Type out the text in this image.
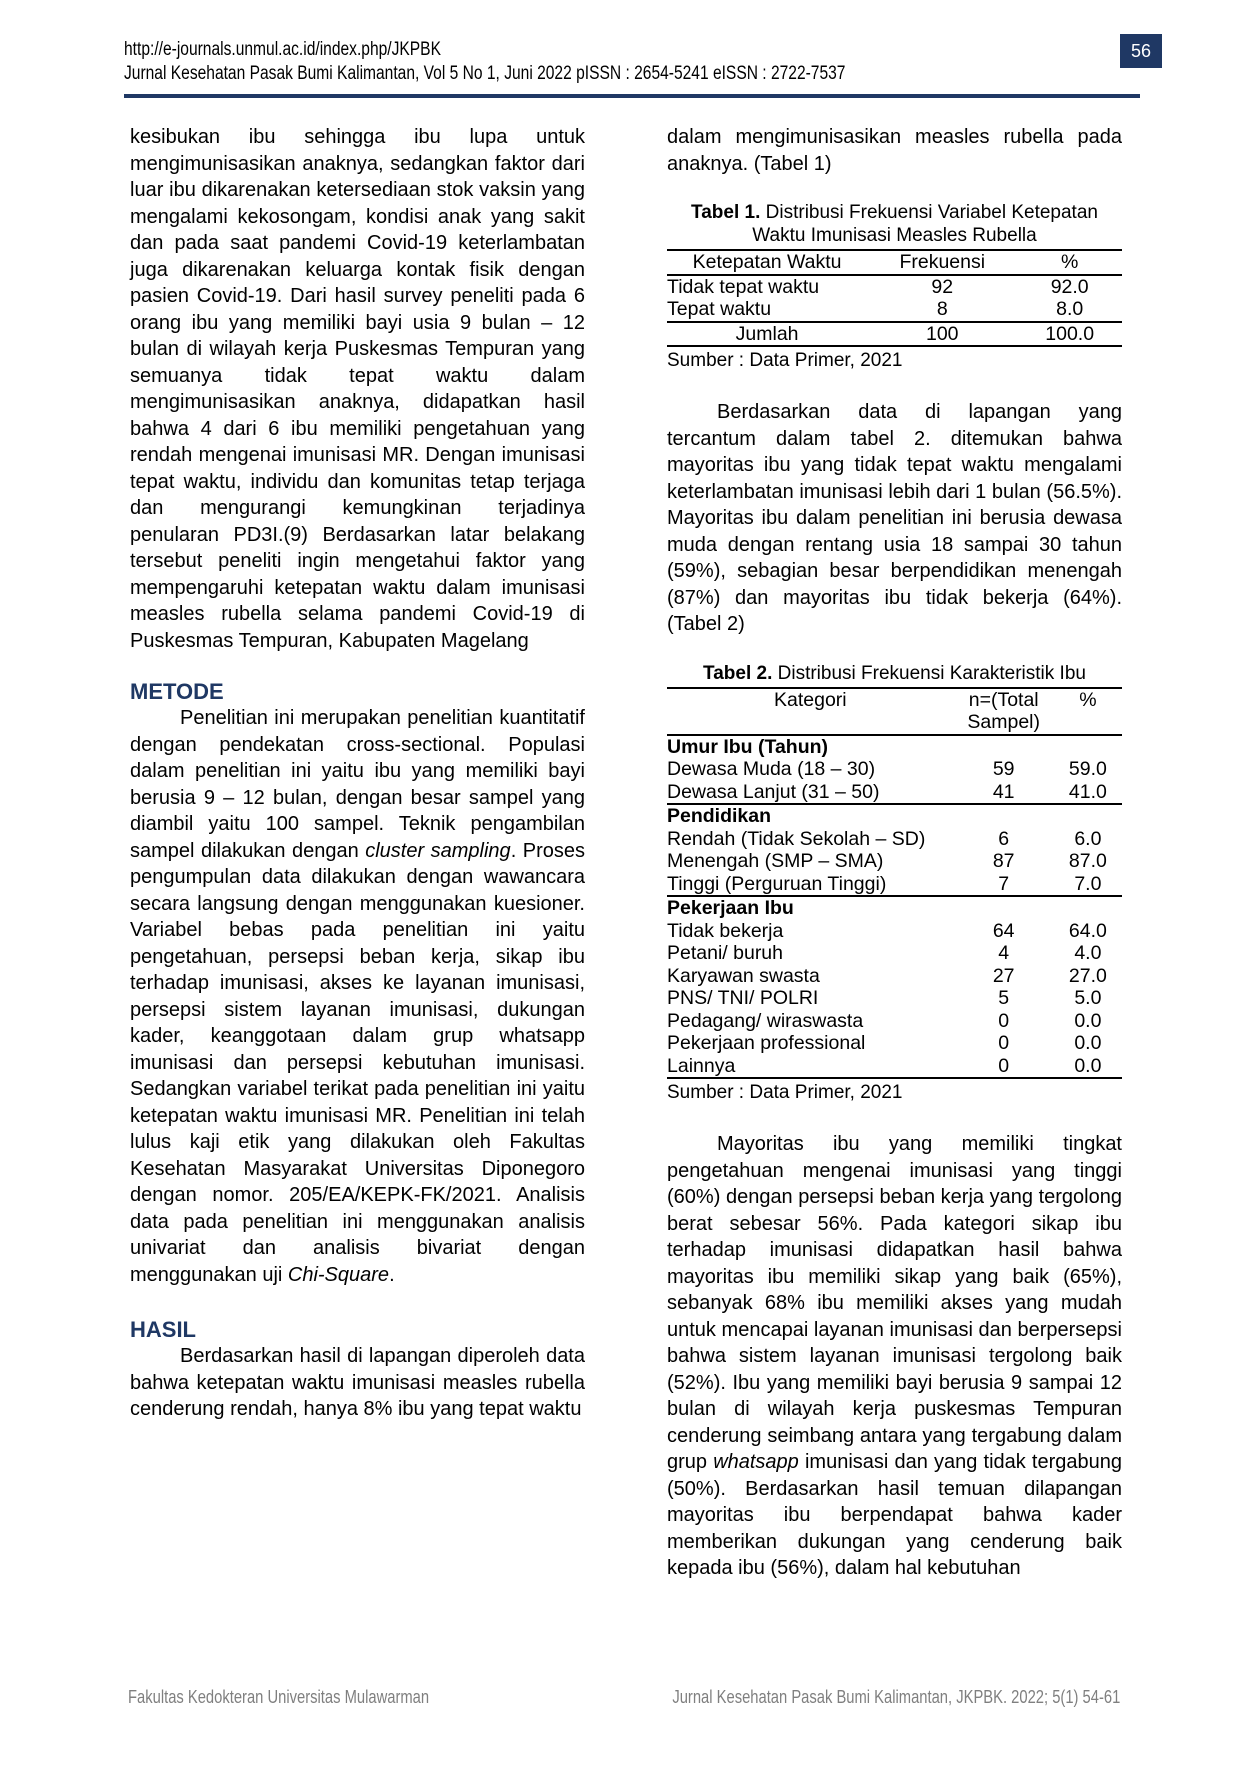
http://e-journals.unmul.ac.id/index.php/JKPBK
Jurnal Kesehatan Pasak Bumi Kalimantan, Vol 5 No 1, Juni 2022 pISSN : 2654-5241 eISSN : 2722-7537
56

kesibukan ibu sehingga ibu lupa untuk mengimunisasikan anaknya, sedangkan faktor dari luar ibu dikarenakan ketersediaan stok vaksin yang mengalami kekosongam, kondisi anak yang sakit dan pada saat pandemi Covid-19 keterlambatan juga dikarenakan keluarga kontak fisik dengan pasien Covid-19. Dari hasil survey peneliti pada 6 orang ibu yang memiliki bayi usia 9 bulan – 12 bulan di wilayah kerja Puskesmas Tempuran yang semuanya tidak tepat waktu dalam mengimunisasikan anaknya, didapatkan hasil bahwa 4 dari 6 ibu memiliki pengetahuan yang rendah mengenai imunisasi MR. Dengan imunisasi tepat waktu, individu dan komunitas tetap terjaga dan mengurangi kemungkinan terjadinya penularan PD3I.(9) Berdasarkan latar belakang tersebut peneliti ingin mengetahui faktor yang mempengaruhi ketepatan waktu dalam imunisasi measles rubella selama pandemi Covid-19 di Puskesmas Tempuran, Kabupaten Magelang

METODE

Penelitian ini merupakan penelitian kuantitatif dengan pendekatan cross-sectional. Populasi dalam penelitian ini yaitu ibu yang memiliki bayi berusia 9 – 12 bulan, dengan besar sampel yang diambil yaitu 100 sampel. Teknik pengambilan sampel dilakukan dengan cluster sampling. Proses pengumpulan data dilakukan dengan wawancara secara langsung dengan menggunakan kuesioner. Variabel bebas pada penelitian ini yaitu pengetahuan, persepsi beban kerja, sikap ibu terhadap imunisasi, akses ke layanan imunisasi, persepsi sistem layanan imunisasi, dukungan kader, keanggotaan dalam grup whatsapp imunisasi dan persepsi kebutuhan imunisasi. Sedangkan variabel terikat pada penelitian ini yaitu ketepatan waktu imunisasi MR. Penelitian ini telah lulus kaji etik yang dilakukan oleh Fakultas Kesehatan Masyarakat Universitas Diponegoro dengan nomor. 205/EA/KEPK-FK/2021. Analisis data pada penelitian ini menggunakan analisis univariat dan analisis bivariat dengan menggunakan uji Chi-Square.

HASIL

Berdasarkan hasil di lapangan diperoleh data bahwa ketepatan waktu imunisasi measles rubella cenderung rendah, hanya 8% ibu yang tepat waktu

dalam mengimunisasikan measles rubella pada anaknya. (Tabel 1)

Tabel 1. Distribusi Frekuensi Variabel Ketepatan Waktu Imunisasi Measles Rubella
Ketepatan Waktu	Frekuensi	%
Tidak tepat waktu	92	92.0
Tepat waktu	8	8.0
Jumlah	100	100.0
Sumber : Data Primer, 2021

Berdasarkan data di lapangan yang tercantum dalam tabel 2. ditemukan bahwa mayoritas ibu yang tidak tepat waktu mengalami keterlambatan imunisasi lebih dari 1 bulan (56.5%). Mayoritas ibu dalam penelitian ini berusia dewasa muda dengan rentang usia 18 sampai 30 tahun (59%), sebagian besar berpendidikan menengah (87%) dan mayoritas ibu tidak bekerja (64%). (Tabel 2)

Tabel 2. Distribusi Frekuensi Karakteristik Ibu
Kategori	n=(Total Sampel)	%
Umur Ibu (Tahun)		
Dewasa Muda (18 – 30)	59	59.0
Dewasa Lanjut (31 – 50)	41	41.0
Pendidikan		
Rendah (Tidak Sekolah – SD)	6	6.0
Menengah (SMP – SMA)	87	87.0
Tinggi (Perguruan Tinggi)	7	7.0
Pekerjaan Ibu		
Tidak bekerja	64	64.0
Petani/ buruh	4	4.0
Karyawan swasta	27	27.0
PNS/ TNI/ POLRI	5	5.0
Pedagang/ wiraswasta	0	0.0
Pekerjaan professional	0	0.0
Lainnya	0	0.0
Sumber : Data Primer, 2021

Mayoritas ibu yang memiliki tingkat pengetahuan mengenai imunisasi yang tinggi (60%) dengan persepsi beban kerja yang tergolong berat sebesar 56%. Pada kategori sikap ibu terhadap imunisasi didapatkan hasil bahwa mayoritas ibu memiliki sikap yang baik (65%), sebanyak 68% ibu memiliki akses yang mudah untuk mencapai layanan imunisasi dan berpersepsi bahwa sistem layanan imunisasi tergolong baik (52%). Ibu yang memiliki bayi berusia 9 sampai 12 bulan di wilayah kerja puskesmas Tempuran cenderung seimbang antara yang tergabung dalam grup whatsapp imunisasi dan yang tidak tergabung (50%). Berdasarkan hasil temuan dilapangan mayoritas ibu berpendapat bahwa kader memberikan dukungan yang cenderung baik kepada ibu (56%), dalam hal kebutuhan

Fakultas Kedokteran Universitas Mulawarman	Jurnal Kesehatan Pasak Bumi Kalimantan, JKPBK. 2022; 5(1) 54-61
